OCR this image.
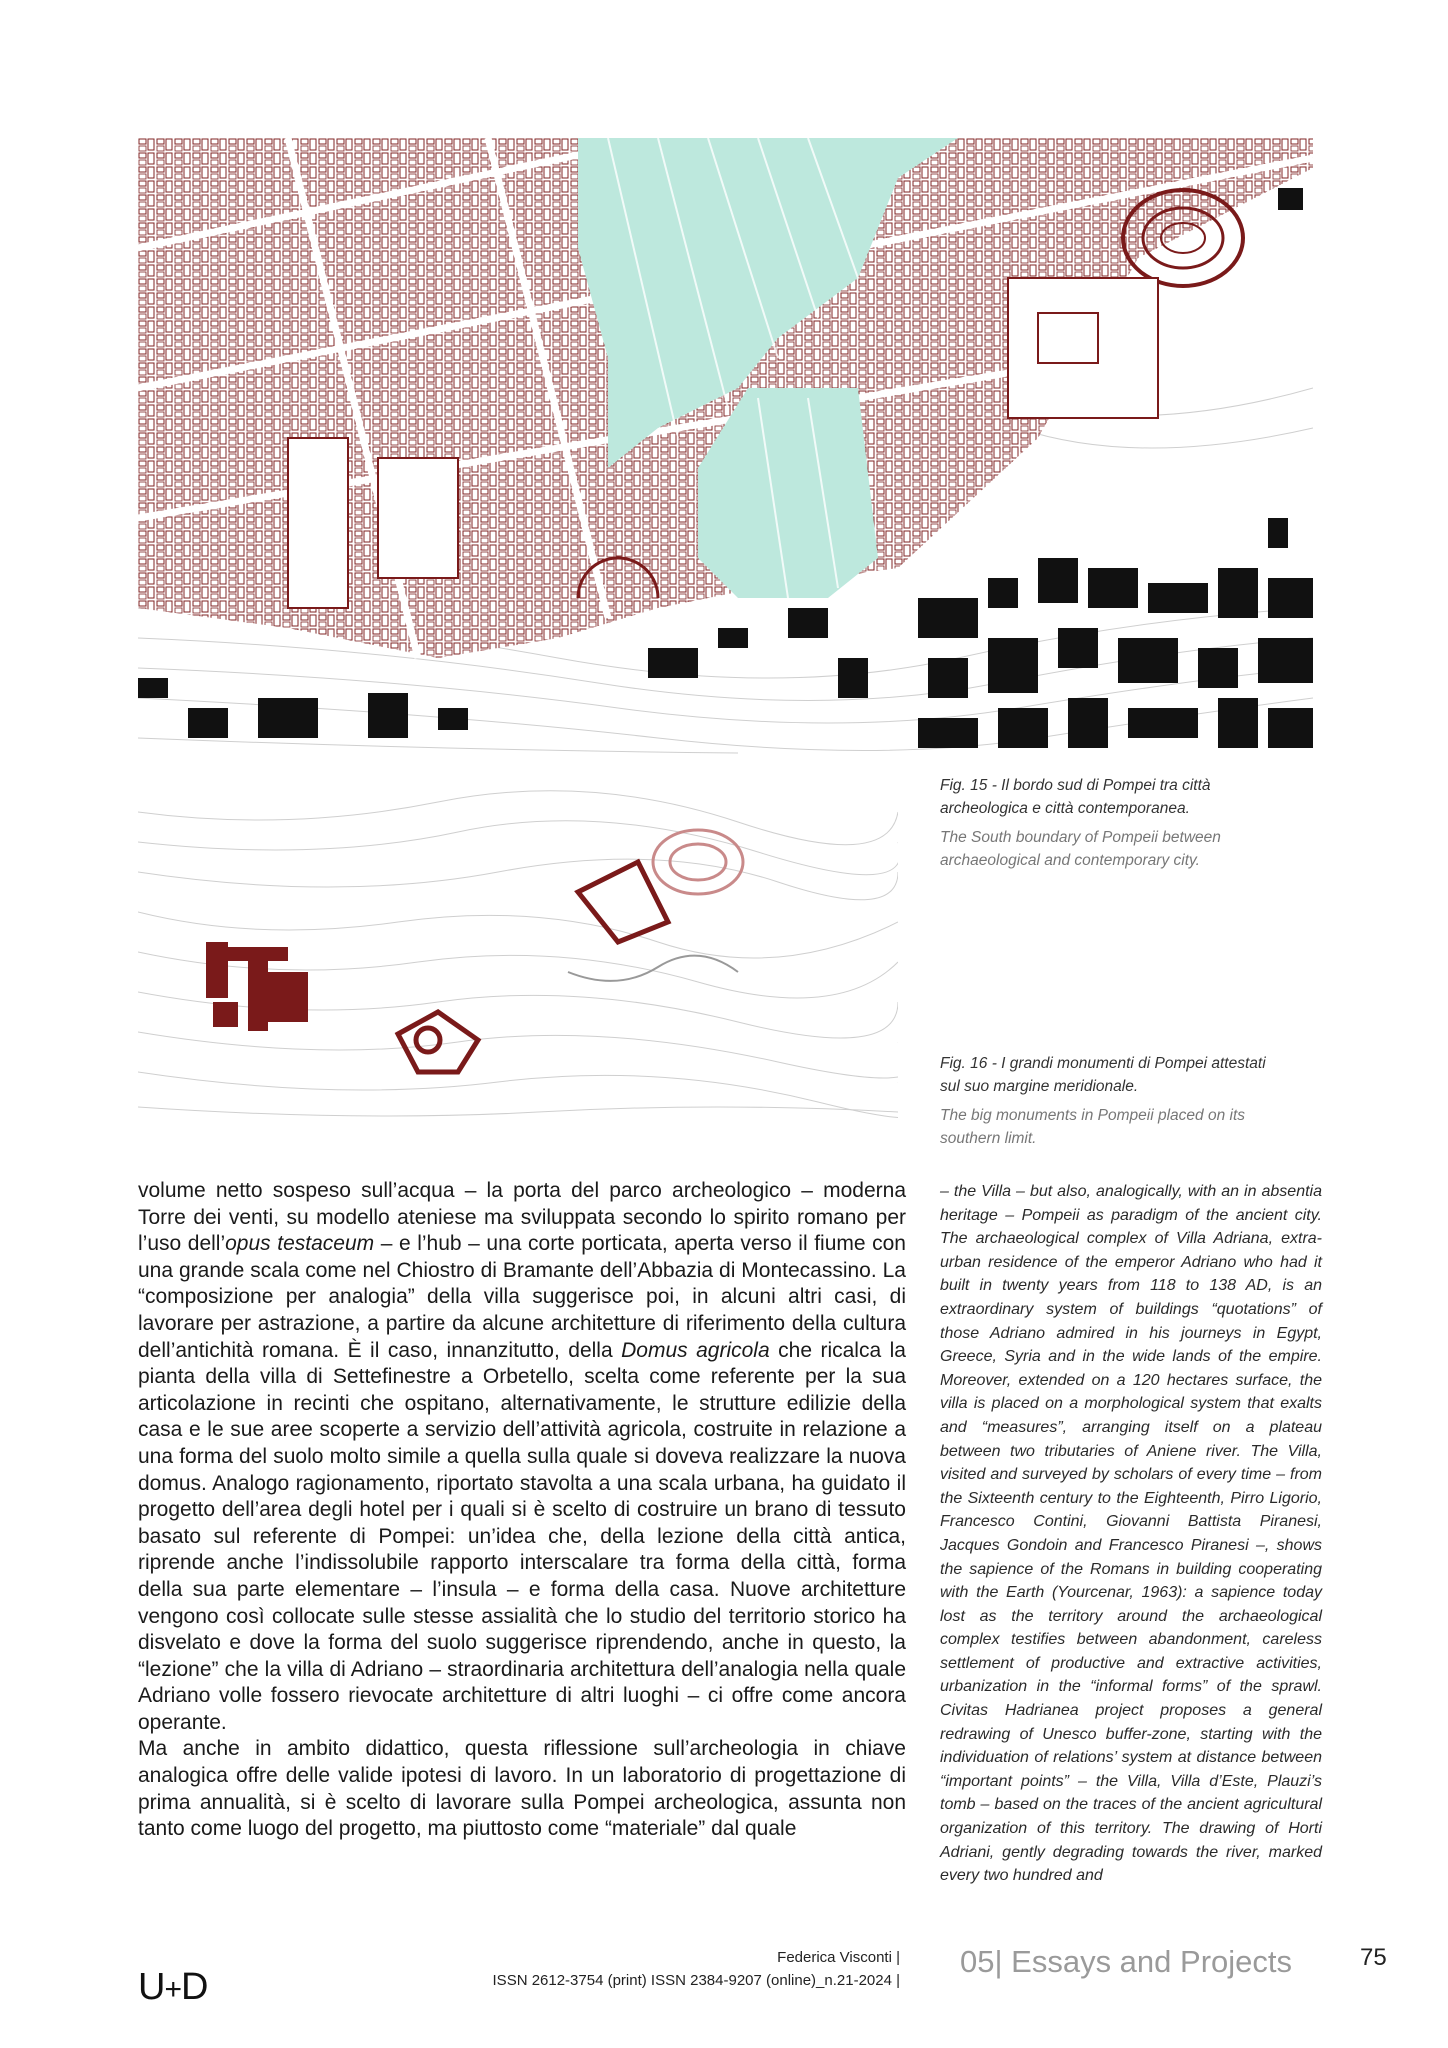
Fig. 15 - Il bordo sud di Pompei tra città archeologica e città contemporanea.
The South boundary of Pompeii between archaeological and contemporary city.
Fig. 16 - I grandi monumenti di Pompei attestati sul suo margine meridionale.
The big monuments in Pompeii placed on its southern limit.

volume netto sospeso sull’acqua – la porta del parco archeologico – moderna Torre dei venti, su modello ateniese ma sviluppata secondo lo spirito romano per l’uso dell’opus testaceum – e l’hub – una corte porticata, aperta verso il fiume con una grande scala come nel Chiostro di Bramante dell’Abbazia di Montecassino. La “composizione per analogia” della villa suggerisce poi, in alcuni altri casi, di lavorare per astrazione, a partire da alcune architetture di riferimento della cultura dell’antichità romana. È il caso, innanzitutto, della Domus agricola che ricalca la pianta della villa di Settefinestre a Orbetello, scelta come referente per la sua articolazione in recinti che ospitano, alternativamente, le strutture edilizie della casa e le sue aree scoperte a servizio dell’attività agricola, costruite in relazione a una forma del suolo molto simile a quella sulla quale si doveva realizzare la nuova domus. Analogo ragionamento, riportato stavolta a una scala urbana, ha guidato il progetto dell’area degli hotel per i quali si è scelto di costruire un brano di tessuto basato sul referente di Pompei: un’idea che, della lezione della città antica, riprende anche l’indissolubile rapporto interscalare tra forma della città, forma della sua parte elementare – l’insula – e forma della casa. Nuove architetture vengono così collocate sulle stesse assialità che lo studio del territorio storico ha disvelato e dove la forma del suolo suggerisce riprendendo, anche in questo, la “lezione” che la villa di Adriano – straordinaria architettura dell’analogia nella quale Adriano volle fossero rievocate architetture di altri luoghi – ci offre come ancora operante.

Ma anche in ambito didattico, questa riflessione sull’archeologia in chiave analogica offre delle valide ipotesi di lavoro. In un laboratorio di progettazione di prima annualità, si è scelto di lavorare sulla Pompei archeologica, assunta non tanto come luogo del progetto, ma piuttosto come “materiale” dal quale

– the Villa – but also, analogically, with an in absentia heritage – Pompeii as paradigm of the ancient city. The archaeological complex of Villa Adriana, extra-urban residence of the emperor Adriano who had it built in twenty years from 118 to 138 AD, is an extraordinary system of buildings “quotations” of those Adriano admired in his journeys in Egypt, Greece, Syria and in the wide lands of the empire. Moreover, extended on a 120 hectares surface, the villa is placed on a morphological system that exalts and “measures”, arranging itself on a plateau between two tributaries of Aniene river. The Villa, visited and surveyed by scholars of every time – from the Sixteenth century to the Eighteenth, Pirro Ligorio, Francesco Contini, Giovanni Battista Piranesi, Jacques Gondoin and Francesco Piranesi –, shows the sapience of the Romans in building cooperating with the Earth (Yourcenar, 1963): a sapience today lost as the territory around the archaeological complex testifies between abandonment, careless settlement of productive and extractive activities, urbanization in the “informal forms” of the sprawl. Civitas Hadrianea project proposes a general redrawing of Unesco buffer-zone, starting with the individuation of relations’ system at distance between “important points” – the Villa, Villa d’Este, Plauzi’s tomb – based on the traces of the ancient agricultural organization of this territory. The drawing of Horti Adriani, gently degrading towards the river, marked every two hundred and

U+D
Federica Visconti |
ISSN 2612-3754 (print) ISSN 2384-9207 (online)_n.21-2024 |
05| Essays and Projects	75
